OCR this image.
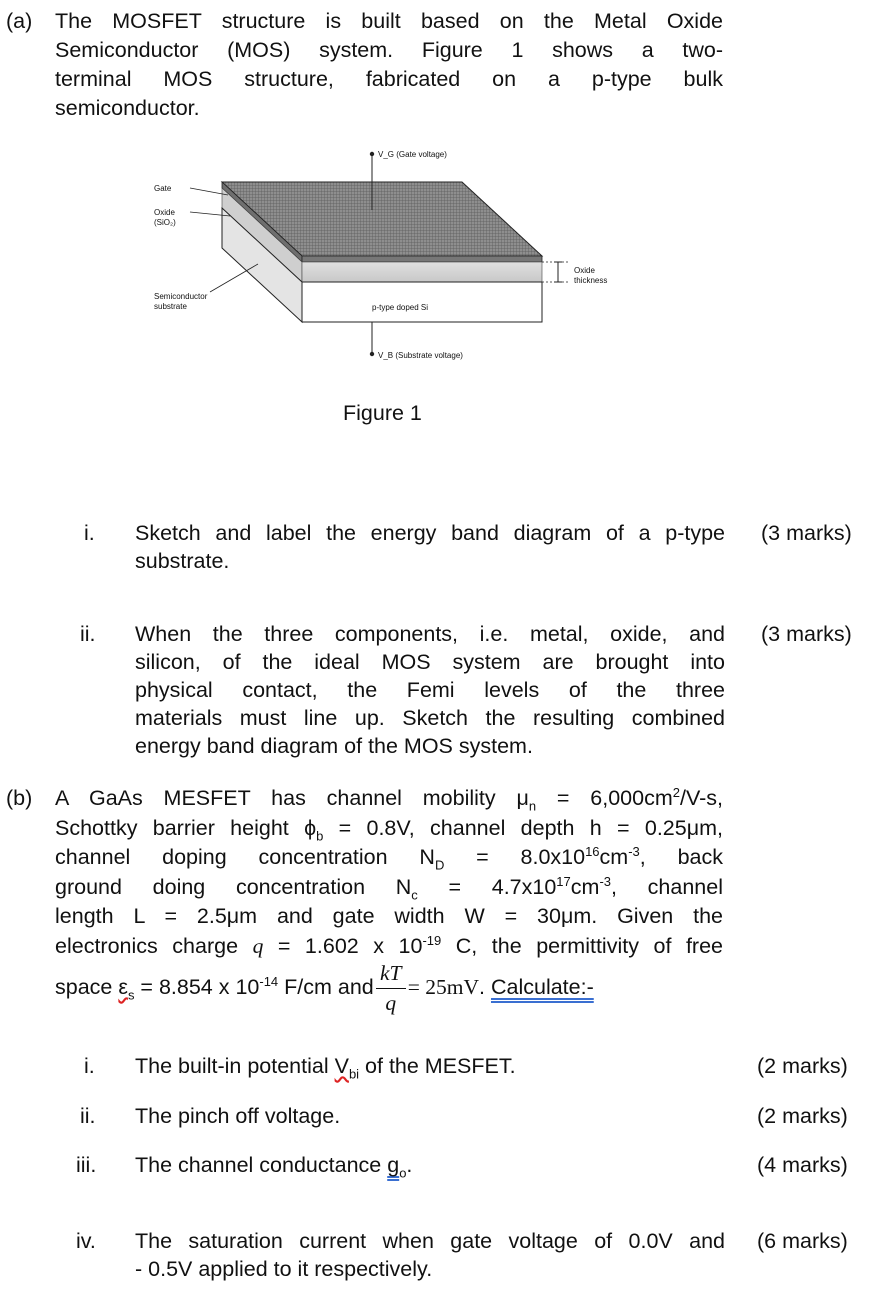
(a) The MOSFET structure is built based on the Metal Oxide
Semiconductor (MOS) system. Figure 1 shows a two-
terminal MOS structure, fabricated on a p-type bulk
semiconductor.
V_G (Gate voltage)
V_B (Substrate voltage)
Gate
Oxide
(SiO₂)
Semiconductor
substrate	p-type doped Si
Oxide
thickness
Figure 1
i. Sketch and label the energy band diagram of a p-type
substrate.
(3 marks)
ii. When the three components, i.e. metal, oxide, and
silicon, of the ideal MOS system are brought into
physical contact, the Femi levels of the three
materials must line up. Sketch the resulting combined
energy band diagram of the MOS system.
(3 marks)
(b) A GaAs MESFET has channel mobility $\mu_n = 6,000cm^2/V-s$,
Schottky barrier height $\phi_b = 0.8V$, channel depth h = 0.25μm,
channel doping concentration $N_D = 8.0x10^{16}cm^{-3}$, back
ground doing concentration $N_c = 4.7x10^{17}cm^{-3}$, channel
length L = 2.5μm and gate width W = 30μm. Given the
electronics charge q = 1.602 x $10^{-19}$ C, the permittivity of free
space $\varepsilon_s = 8.854$ x $10^{-14}$ F/cm and $\frac{kT}{q} = 25mV$. Calculate:-
i. The built-in potential $V_{bi}$ of the MESFET.	(2 marks)
ii. The pinch off voltage.	(2 marks)
iii. The channel conductance $g_o$.	(4 marks)
iv. The saturation current when gate voltage of 0.0V and
- 0.5V applied to it respectively.
(6 marks)
